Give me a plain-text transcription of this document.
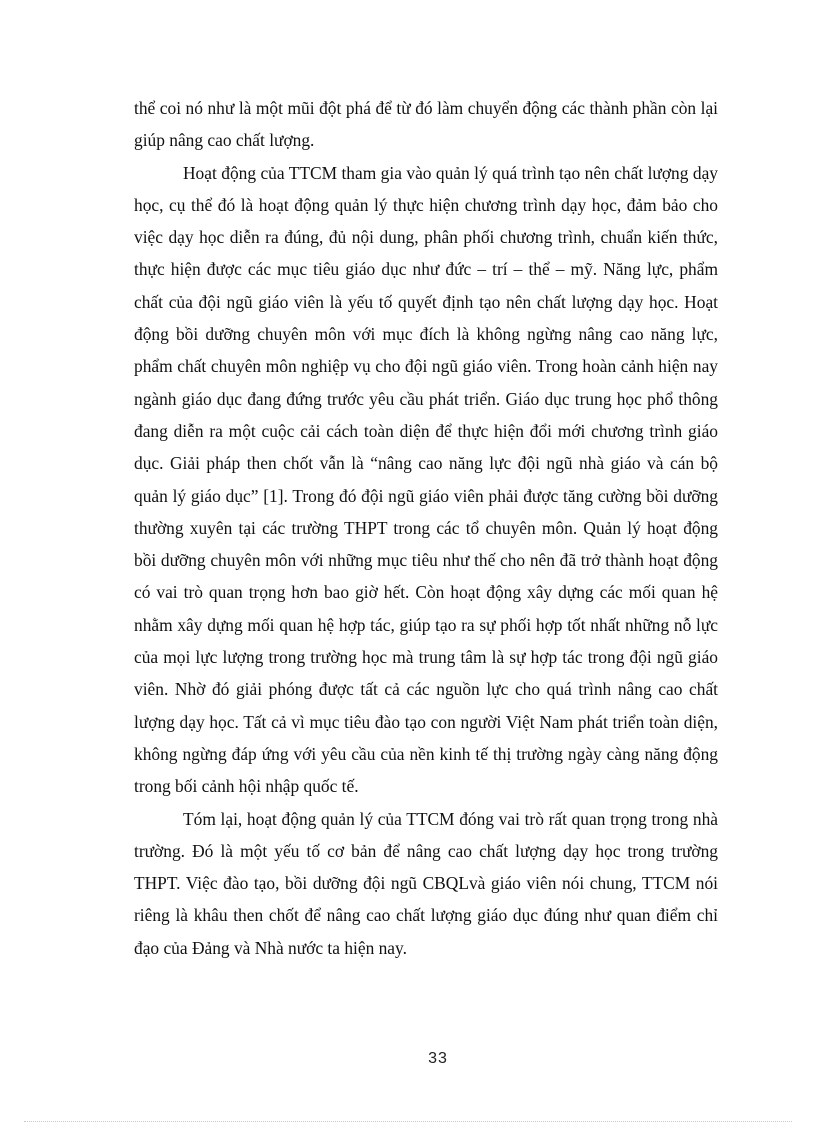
thể coi nó như là một mũi đột phá để từ đó làm chuyển động các thành phần còn lại giúp nâng cao chất lượng.

Hoạt động của TTCM tham gia vào quản lý quá trình tạo nên chất lượng dạy học, cụ thể đó là hoạt động quản lý thực hiện chương trình dạy học, đảm bảo cho việc dạy học diễn ra đúng, đủ nội dung, phân phối chương trình, chuẩn kiến thức, thực hiện được các mục tiêu giáo dục như đức – trí – thể – mỹ. Năng lực, phẩm chất của đội ngũ giáo viên là yếu tố quyết định tạo nên chất lượng dạy học. Hoạt động bồi dưỡng chuyên môn với mục đích là không ngừng nâng cao năng lực, phẩm chất chuyên môn nghiệp vụ cho đội ngũ giáo viên. Trong hoàn cảnh hiện nay ngành giáo dục đang đứng trước yêu cầu phát triển. Giáo dục trung học phổ thông đang diễn ra một cuộc cải cách toàn diện để thực hiện đổi mới chương trình giáo dục. Giải pháp then chốt vẫn là “nâng cao năng lực đội ngũ nhà giáo và cán bộ quản lý giáo dục” [1]. Trong đó đội ngũ giáo viên phải được tăng cường bồi dưỡng thường xuyên tại các trường THPT trong các tổ chuyên môn. Quản lý hoạt động bồi dưỡng chuyên môn với những mục tiêu như thế cho nên đã trở thành hoạt động có vai trò quan trọng hơn bao giờ hết. Còn hoạt động xây dựng các mối quan hệ nhằm xây dựng mối quan hệ hợp tác, giúp tạo ra sự phối hợp tốt nhất những nỗ lực của mọi lực lượng trong trường học mà trung tâm là sự hợp tác trong đội ngũ giáo viên. Nhờ đó giải phóng được tất cả các nguồn lực cho quá trình nâng cao chất lượng dạy học. Tất cả vì mục tiêu đào tạo con người Việt Nam phát triển toàn diện, không ngừng đáp ứng với yêu cầu của nền kinh tế thị trường ngày càng năng động trong bối cảnh hội nhập quốc tế.

Tóm lại, hoạt động quản lý của TTCM đóng vai trò rất quan trọng trong nhà trường. Đó là một yếu tố cơ bản để nâng cao chất lượng dạy học trong trường THPT. Việc đào tạo, bồi dưỡng đội ngũ CBQLvà giáo viên nói chung, TTCM nói riêng là khâu then chốt để nâng cao chất lượng giáo dục đúng như quan điểm chỉ đạo của Đảng và Nhà nước ta hiện nay.

33
